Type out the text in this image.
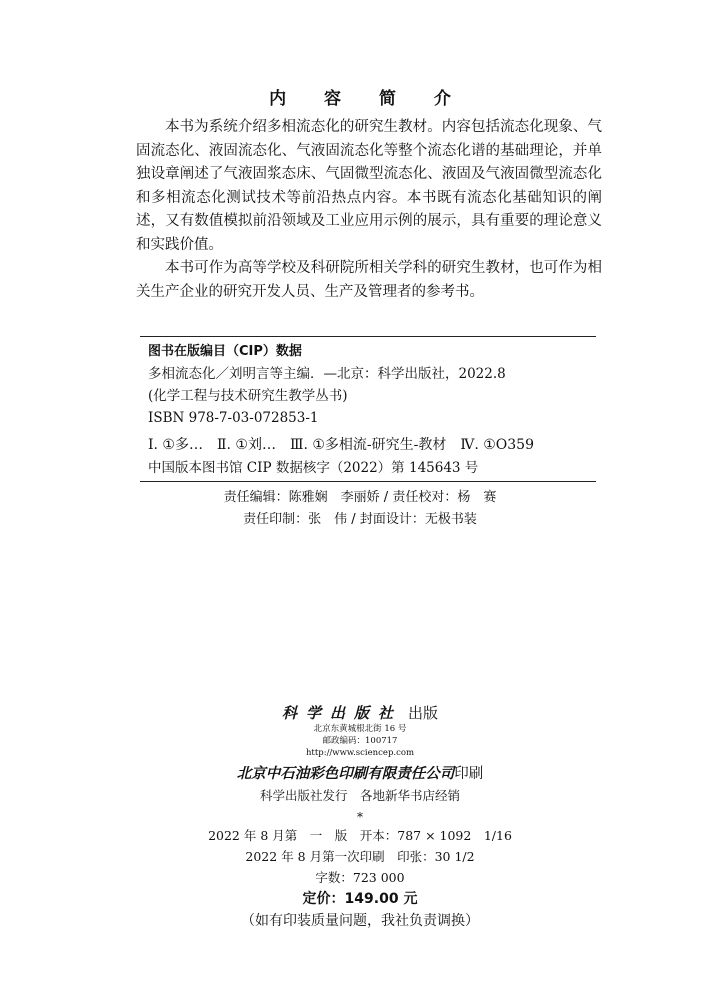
内 容 简 介

本书为系统介绍多相流态化的研究生教材。内容包括流态化现象、气固流态化、液固流态化、气液固流态化等整个流态化谱的基础理论，并单独设章阐述了气液固浆态床、气固微型流态化、液固及气液固微型流态化和多相流态化测试技术等前沿热点内容。本书既有流态化基础知识的阐述，又有数值模拟前沿领域及工业应用示例的展示，具有重要的理论意义和实践价值。

本书可作为高等学校及科研院所相关学科的研究生教材，也可作为相关生产企业的研究开发人员、生产及管理者的参考书。

图书在版编目（CIP）数据
多相流态化／刘明言等主编．—北京：科学出版社，2022.8
(化学工程与技术研究生教学丛书)
ISBN 978-7-03-072853-1
Ⅰ. ①多…　Ⅱ. ①刘…　Ⅲ. ①多相流-研究生-教材　Ⅳ. ①O359
中国版本图书馆 CIP 数据核字（2022）第 145643 号
责任编辑：陈雅娴　李丽娇 / 责任校对：杨　赛
责任印制：张　伟 / 封面设计：无极书装
科学出版社 出版
北京东黄城根北街 16 号
邮政编码：100717
http://www.sciencep.com
北京中石油彩色印刷有限责任公司印刷
科学出版社发行　各地新华书店经销
*
2022 年 8 月第　一　版　开本：787 × 1092　1/16
2022 年 8 月第一次印刷　印张：30 1/2
字数：723 000
定价：149.00 元
（如有印装质量问题，我社负责调换）
